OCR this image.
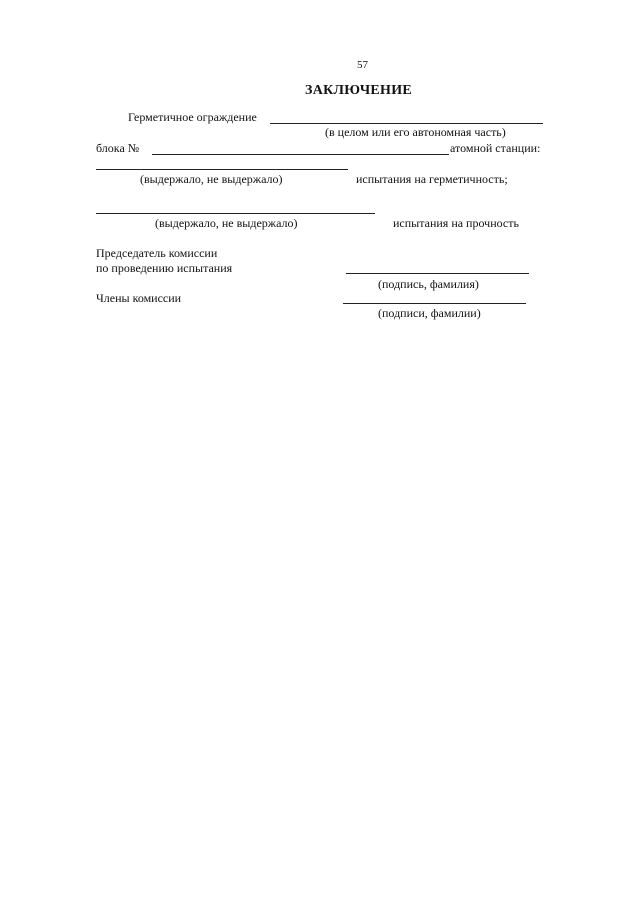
57
ЗАКЛЮЧЕНИЕ
Герметичное ограждение
(в целом или его автономная часть)
блока №	атомной станции:
(выдержало, не выдержало)	испытания на герметичность;
(выдержало, не выдержало)	испытания на прочность
Председатель комиссии
по проведению испытания
(подпись, фамилия)
Члены комиссии
(подписи, фамилии)
